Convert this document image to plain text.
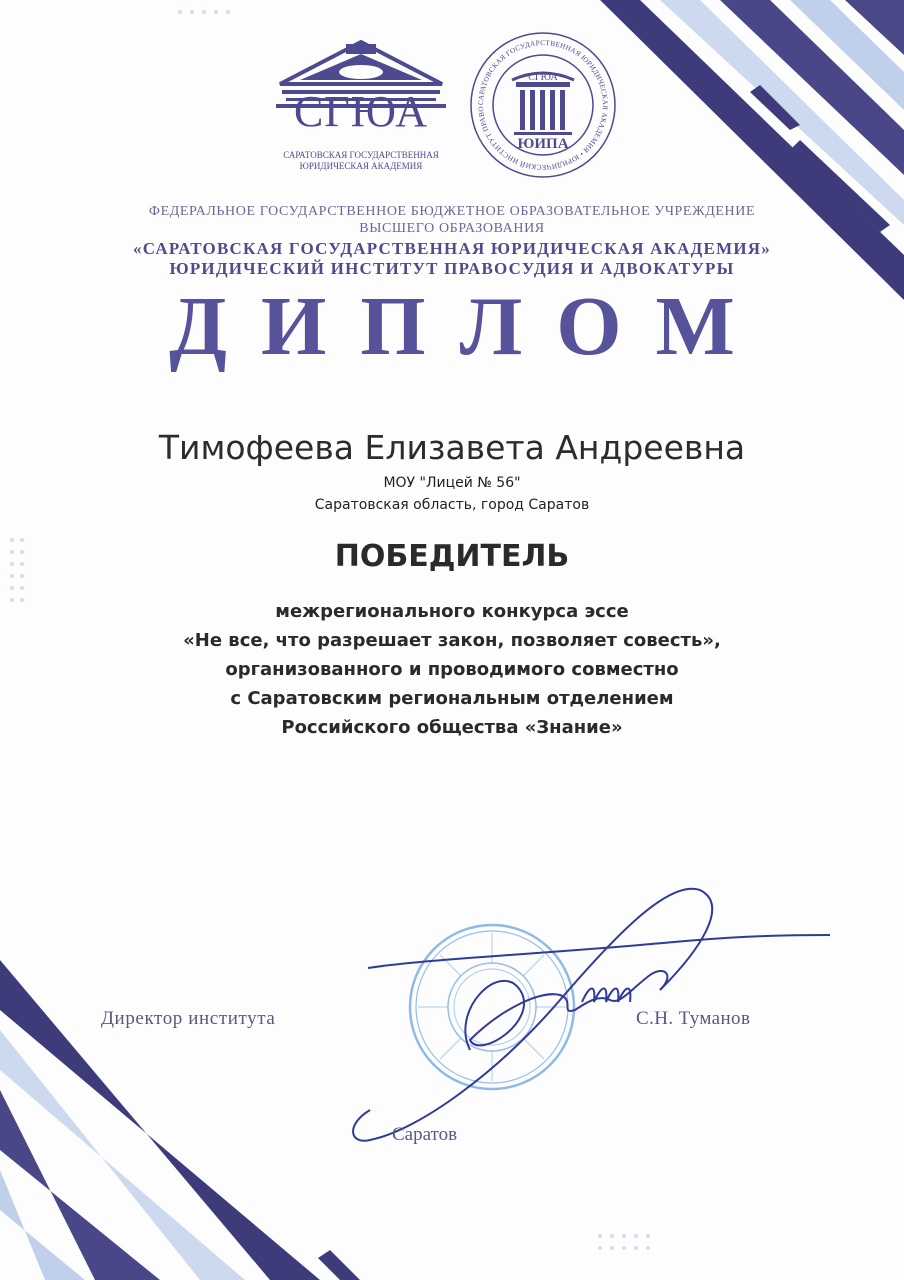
СГЮА
САРАТОВСКАЯ ГОСУДАРСТВЕННАЯ
ЮРИДИЧЕСКАЯ АКАДЕМИЯ
САРАТОВСКАЯ ГОСУДАРСТВЕННАЯ ЮРИДИЧЕСКАЯ АКАДЕМИЯ • ЮРИДИЧЕСКИЙ ИНСТИТУТ ПРАВО
СГЮА
ЮИПА
ФЕДЕРАЛЬНОЕ ГОСУДАРСТВЕННОЕ БЮДЖЕТНОЕ ОБРАЗОВАТЕЛЬНОЕ УЧРЕЖДЕНИЕ
ВЫСШЕГО ОБРАЗОВАНИЯ
«САРАТОВСКАЯ ГОСУДАРСТВЕННАЯ ЮРИДИЧЕСКАЯ АКАДЕМИЯ»
ЮРИДИЧЕСКИЙ ИНСТИТУТ ПРАВОСУДИЯ И АДВОКАТУРЫ
ДИПЛОМ
Тимофеева Елизавета Андреевна
МОУ "Лицей № 56"
Саратовская область, город Саратов
ПОБЕДИТЕЛЬ
межрегионального конкурса эссе
«Не все, что разрешает закон, позволяет совесть»,
организованного и проводимого совместно
с Саратовским региональным отделением
Российского общества «Знание»
Директор института	С.Н. Туманов
Саратов
